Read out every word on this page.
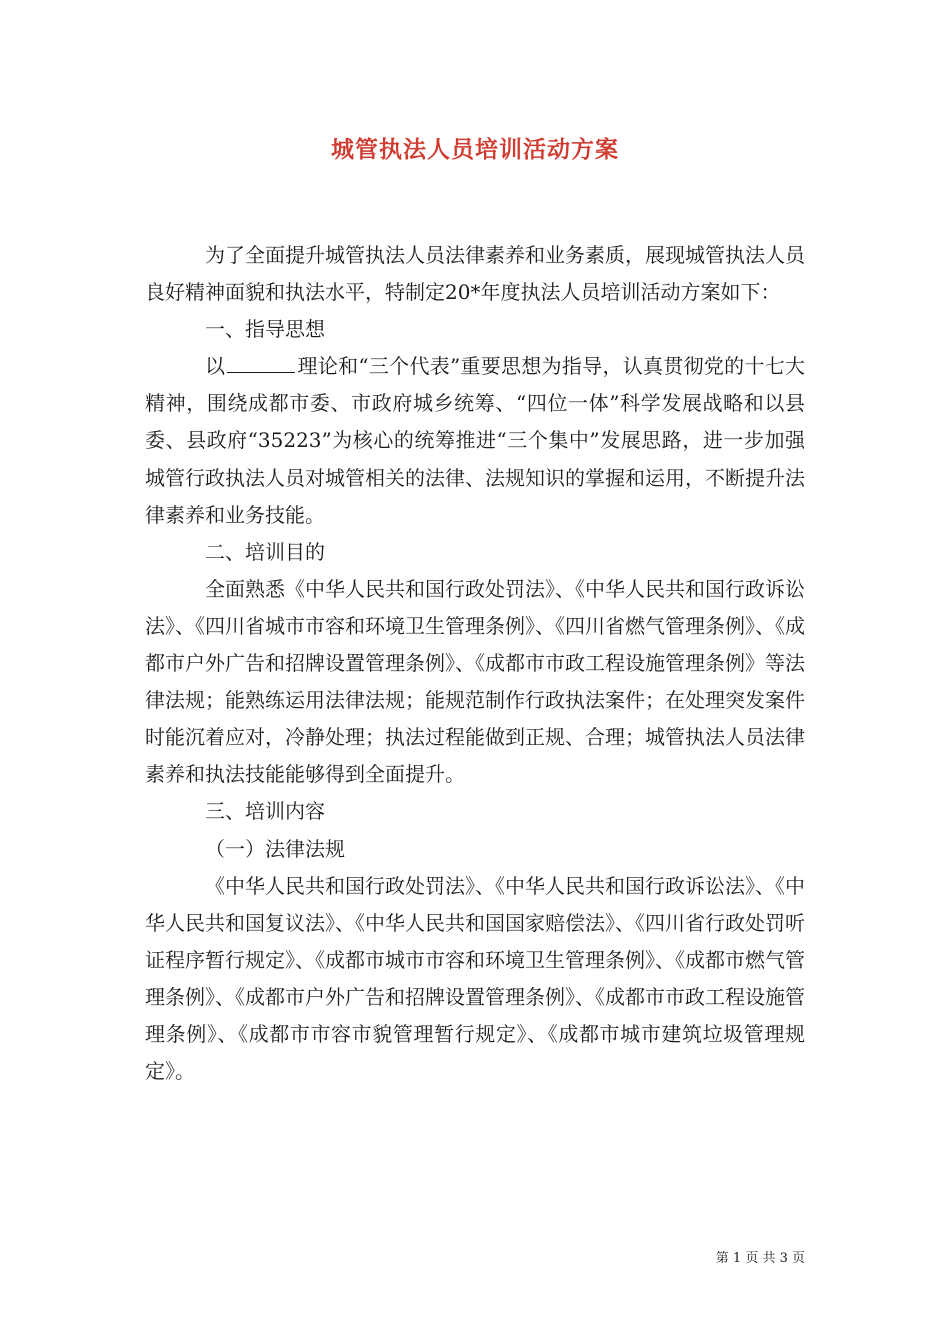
城管执法人员培训活动方案

为了全面提升城管执法人员法律素养和业务素质，展现城管执法人员良好精神面貌和执法水平，特制定20*年度执法人员培训活动方案如下：

一、指导思想

以	理论和“三个代表”重要思想为指导，认真贯彻党的十七大精神，围绕成都市委、市政府城乡统筹、“四位一体”科学发展战略和以县委、县政府“35223”为核心的统筹推进“三个集中”发展思路，进一步加强城管行政执法人员对城管相关的法律、法规知识的掌握和运用，不断提升法律素养和业务技能。

二、培训目的

全面熟悉《中华人民共和国行政处罚法》、《中华人民共和国行政诉讼法》、《四川省城市市容和环境卫生管理条例》、《四川省燃气管理条例》、《成都市户外广告和招牌设置管理条例》、《成都市市政工程设施管理条例》等法律法规；能熟练运用法律法规；能规范制作行政执法案件；在处理突发案件时能沉着应对，冷静处理；执法过程能做到正规、合理；城管执法人员法律素养和执法技能能够得到全面提升。

三、培训内容

（一）法律法规

《中华人民共和国行政处罚法》、《中华人民共和国行政诉讼法》、《中华人民共和国复议法》、《中华人民共和国国家赔偿法》、《四川省行政处罚听证程序暂行规定》、《成都市城市市容和环境卫生管理条例》、《成都市燃气管理条例》、《成都市户外广告和招牌设置管理条例》、《成都市市政工程设施管理条例》、《成都市市容市貌管理暂行规定》、《成都市城市建筑垃圾管理规定》。

第 1 页 共 3 页
